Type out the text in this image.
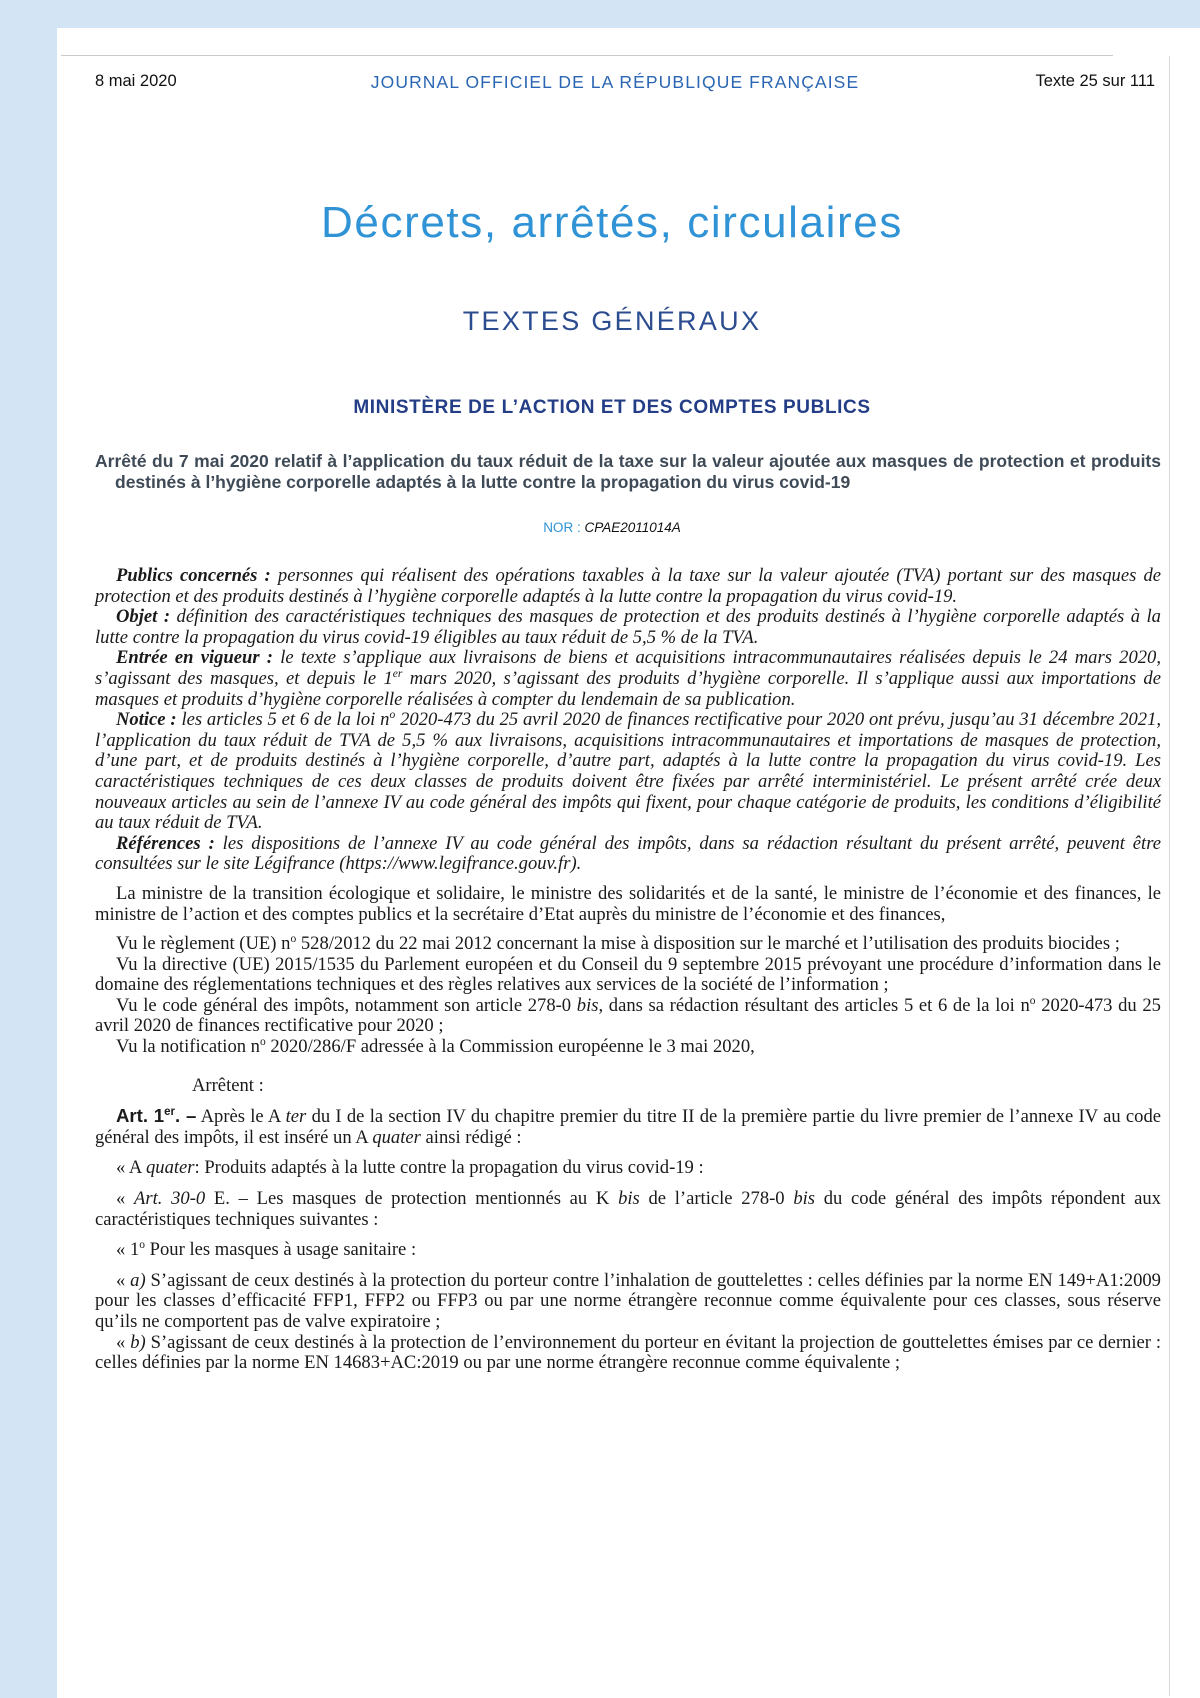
8 mai 2020	JOURNAL OFFICIEL DE LA RÉPUBLIQUE FRANÇAISE	Texte 25 sur 111
Décrets, arrêtés, circulaires
TEXTES GÉNÉRAUX
MINISTÈRE DE L’ACTION ET DES COMPTES PUBLICS
Arrêté du 7 mai 2020 relatif à l’application du taux réduit de la taxe sur la valeur ajoutée aux masques de protection et produits destinés à l’hygiène corporelle adaptés à la lutte contre la propagation du virus covid-19
NOR : CPAE2011014A

Publics concernés : personnes qui réalisent des opérations taxables à la taxe sur la valeur ajoutée (TVA) portant sur des masques de protection et des produits destinés à l’hygiène corporelle adaptés à la lutte contre la propagation du virus covid-19.

Objet : définition des caractéristiques techniques des masques de protection et des produits destinés à l’hygiène corporelle adaptés à la lutte contre la propagation du virus covid-19 éligibles au taux réduit de 5,5 % de la TVA.

Entrée en vigueur : le texte s’applique aux livraisons de biens et acquisitions intracommunautaires réalisées depuis le 24 mars 2020, s’agissant des masques, et depuis le 1er mars 2020, s’agissant des produits d’hygiène corporelle. Il s’applique aussi aux importations de masques et produits d’hygiène corporelle réalisées à compter du lendemain de sa publication.

Notice : les articles 5 et 6 de la loi $n^o$ 2020-473 du 25 avril 2020 de finances rectificative pour 2020 ont prévu, jusqu’au 31 décembre 2021, l’application du taux réduit de TVA de 5,5 % aux livraisons, acquisitions intracommunautaires et importations de masques de protection, d’une part, et de produits destinés à l’hygiène corporelle, d’autre part, adaptés à la lutte contre la propagation du virus covid-19. Les caractéristiques techniques de ces deux classes de produits doivent être fixées par arrêté interministériel. Le présent arrêté crée deux nouveaux articles au sein de l’annexe IV au code général des impôts qui fixent, pour chaque catégorie de produits, les conditions d’éligibilité au taux réduit de TVA.

Références : les dispositions de l’annexe IV au code général des impôts, dans sa rédaction résultant du présent arrêté, peuvent être consultées sur le site Légifrance (https://www.legifrance.gouv.fr).

La ministre de la transition écologique et solidaire, le ministre des solidarités et de la santé, le ministre de l’économie et des finances, le ministre de l’action et des comptes publics et la secrétaire d’Etat auprès du ministre de l’économie et des finances,

Vu le règlement (UE) $n^o$ 528/2012 du 22 mai 2012 concernant la mise à disposition sur le marché et l’utilisation des produits biocides ;

Vu la directive (UE) 2015/1535 du Parlement européen et du Conseil du 9 septembre 2015 prévoyant une procédure d’information dans le domaine des réglementations techniques et des règles relatives aux services de la société de l’information ;

Vu le code général des impôts, notamment son article 278-0 bis, dans sa rédaction résultant des articles 5 et 6 de la loi $n^o$ 2020-473 du 25 avril 2020 de finances rectificative pour 2020 ;

Vu la notification $n^o$ 2020/286/F adressée à la Commission européenne le 3 mai 2020,

Arrêtent :

Art. 1er. – Après le A ter du I de la section IV du chapitre premier du titre II de la première partie du livre premier de l’annexe IV au code général des impôts, il est inséré un A quater ainsi rédigé :

« A quater: Produits adaptés à la lutte contre la propagation du virus covid-19 :

« Art. 30-0 E. – Les masques de protection mentionnés au K bis de l’article 278-0 bis du code général des impôts répondent aux caractéristiques techniques suivantes :

« 1$^o$ Pour les masques à usage sanitaire :

« a) S’agissant de ceux destinés à la protection du porteur contre l’inhalation de gouttelettes : celles définies par la norme EN 149+A1:2009 pour les classes d’efficacité FFP1, FFP2 ou FFP3 ou par une norme étrangère reconnue comme équivalente pour ces classes, sous réserve qu’ils ne comportent pas de valve expiratoire ;

« b) S’agissant de ceux destinés à la protection de l’environnement du porteur en évitant la projection de gouttelettes émises par ce dernier : celles définies par la norme EN 14683+AC:2019 ou par une norme étrangère reconnue comme équivalente ;
